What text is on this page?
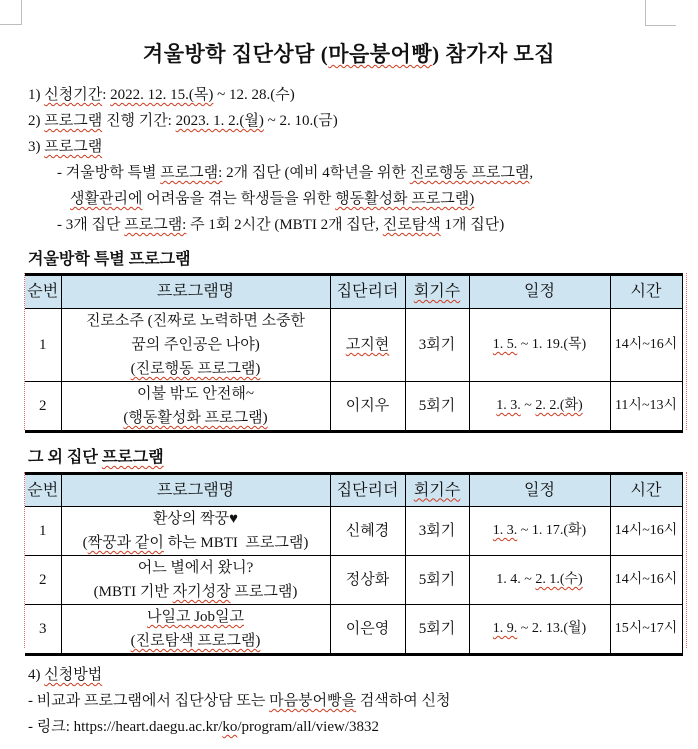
겨울방학 집단상담 (마음붕어빵) 참가자 모집
1) 신청기간: 2022. 12. 15.(목) ~ 12. 28.(수)
2) 프로그램 진행 기간: 2023. 1. 2.(월) ~ 2. 10.(금)
3) 프로그램
- 겨울방학 특별 프로그램: 2개 집단 (예비 4학년을 위한 진로행동 프로그램,
생활관리에 어려움을 겪는 학생들을 위한 행동활성화 프로그램)
- 3개 집단 프로그램: 주 1회 2시간 (MBTI 2개 집단, 진로탐색 1개 집단)
겨울방학 특별 프로그램
순번	프로그램명	집단리더	회기수	일정	시간

1	진로소주 (진짜로 노력하면 소중한
꿈의 주인공은 나야)
(진로행동 프로그램)	고지현	3회기	1. 5. ~ 1. 19.(목)	14시~16시

2	이불 밖도 안전해~
(행동활성화 프로그램)	이지우	5회기	1. 3. ~ 2. 2.(화)	11시~13시
그 외 집단 프로그램
순번	프로그램명	집단리더	회기수	일정	시간

1	환상의 짝꿍♥
(짝꿍과 같이 하는 MBTI  프로그램)	신혜경	3회기	1. 3. ~ 1. 17.(화)	14시~16시

2	어느 별에서 왔니?
(MBTI 기반 자기성장 프로그램)	정상화	5회기	1. 4. ~ 2. 1.(수)	14시~16시

3	나일고 Job일고
(진로탐색 프로그램)	이은영	5회기	1. 9. ~ 2. 13.(월)	15시~17시
4) 신청방법
- 비교과 프로그램에서 집단상담 또는 마음붕어빵을 검색하여 신청
- 링크: https://heart.daegu.ac.kr/ko/program/all/view/3832
